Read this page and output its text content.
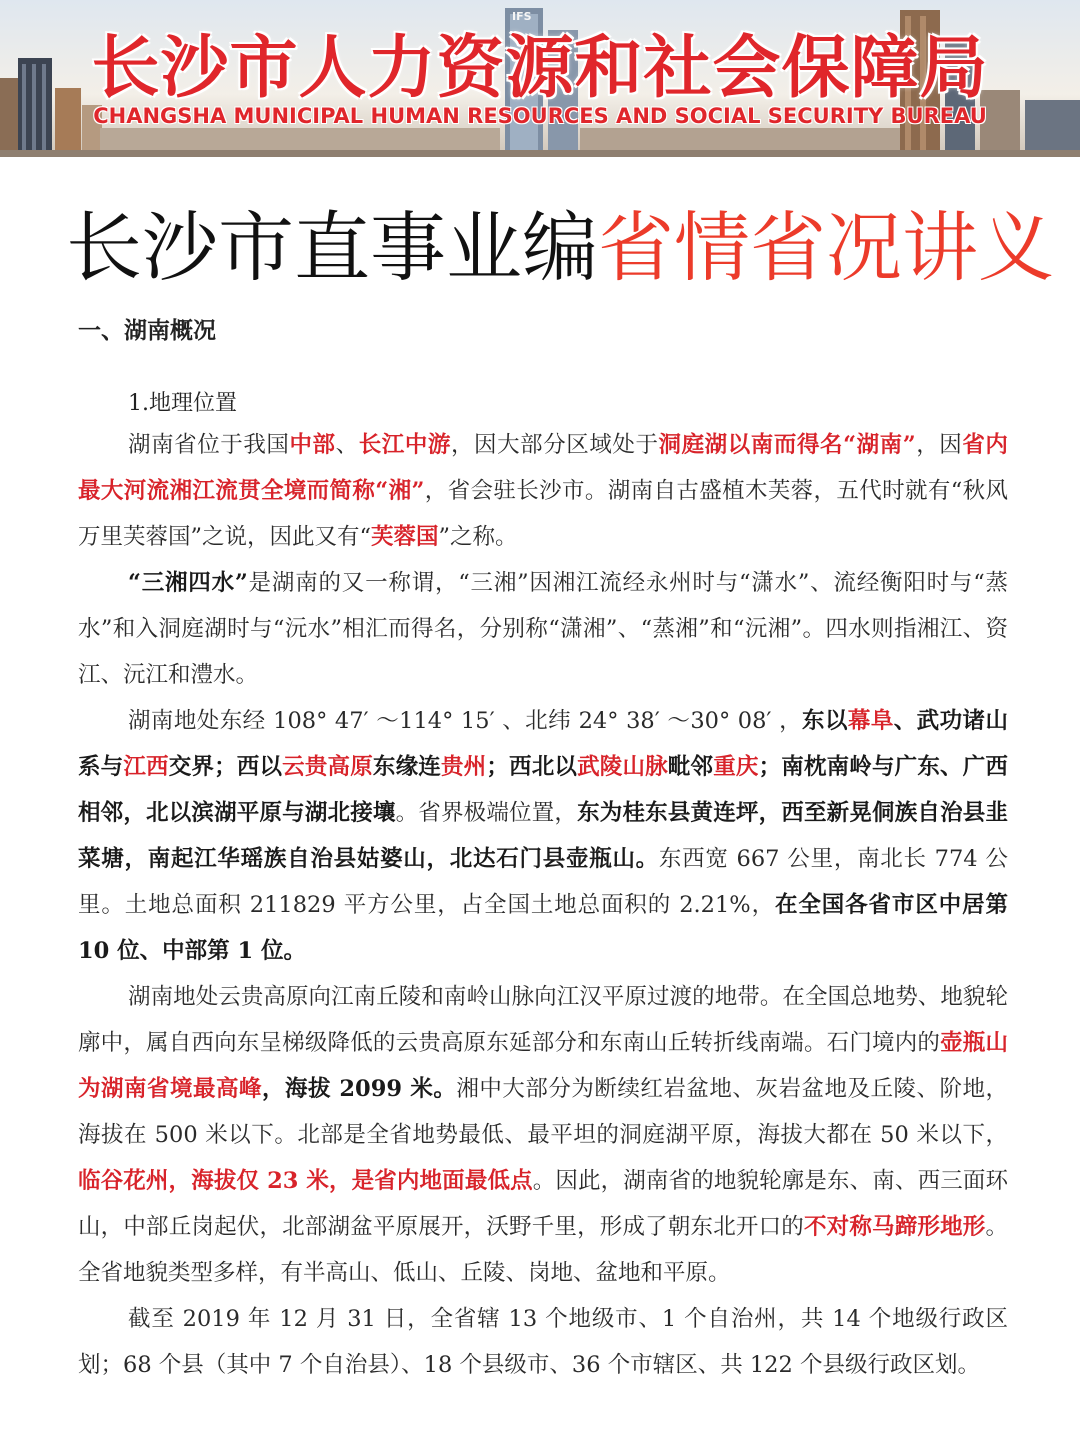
IFS
长沙市人力资源和社会保障局
CHANGSHA MUNICIPAL HUMAN RESOURCES AND SOCIAL SECURITY BUREAU
长沙市直事业编省情省况讲义
一、湖南概况
1.地理位置

湖南省位于我国中部、长江中游，因大部分区域处于洞庭湖以南而得名“湖南”，因省内最大河流湘江流贯全境而简称“湘”，省会驻长沙市。湖南自古盛植木芙蓉，五代时就有“秋风万里芙蓉国”之说，因此又有“芙蓉国”之称。

“三湘四水”是湖南的又一称谓，“三湘”因湘江流经永州时与“潇水”、流经衡阳时与“蒸水”和入洞庭湖时与“沅水”相汇而得名，分别称“潇湘”、“蒸湘”和“沅湘”。四水则指湘江、资江、沅江和澧水。

湖南地处东经 108° 47′ ～114° 15′ 、北纬 24° 38′ ～30° 08′ ，东以幕阜、武功诸山系与江西交界；西以云贵高原东缘连贵州；西北以武陵山脉毗邻重庆；南枕南岭与广东、广西相邻，北以滨湖平原与湖北接壤。省界极端位置，东为桂东县黄连坪，西至新晃侗族自治县韭菜塘，南起江华瑶族自治县姑婆山，北达石门县壶瓶山。东西宽 667 公里，南北长 774 公里。土地总面积 211829 平方公里，占全国土地总面积的 2.21%，在全国各省市区中居第 10 位、中部第 1 位。

湖南地处云贵高原向江南丘陵和南岭山脉向江汉平原过渡的地带。在全国总地势、地貌轮廓中，属自西向东呈梯级降低的云贵高原东延部分和东南山丘转折线南端。石门境内的壶瓶山为湖南省境最高峰，海拔 2099 米。湘中大部分为断续红岩盆地、灰岩盆地及丘陵、阶地，海拔在 500 米以下。北部是全省地势最低、最平坦的洞庭湖平原，海拔大都在 50 米以下，临谷花州，海拔仅 23 米，是省内地面最低点。因此，湖南省的地貌轮廓是东、南、西三面环山，中部丘岗起伏，北部湖盆平原展开，沃野千里，形成了朝东北开口的不对称马蹄形地形。全省地貌类型多样，有半高山、低山、丘陵、岗地、盆地和平原。

截至 2019 年 12 月 31 日，全省辖 13 个地级市、1 个自治州，共 14 个地级行政区划；68 个县（其中 7 个自治县）、18 个县级市、36 个市辖区、共 122 个县级行政区划。
